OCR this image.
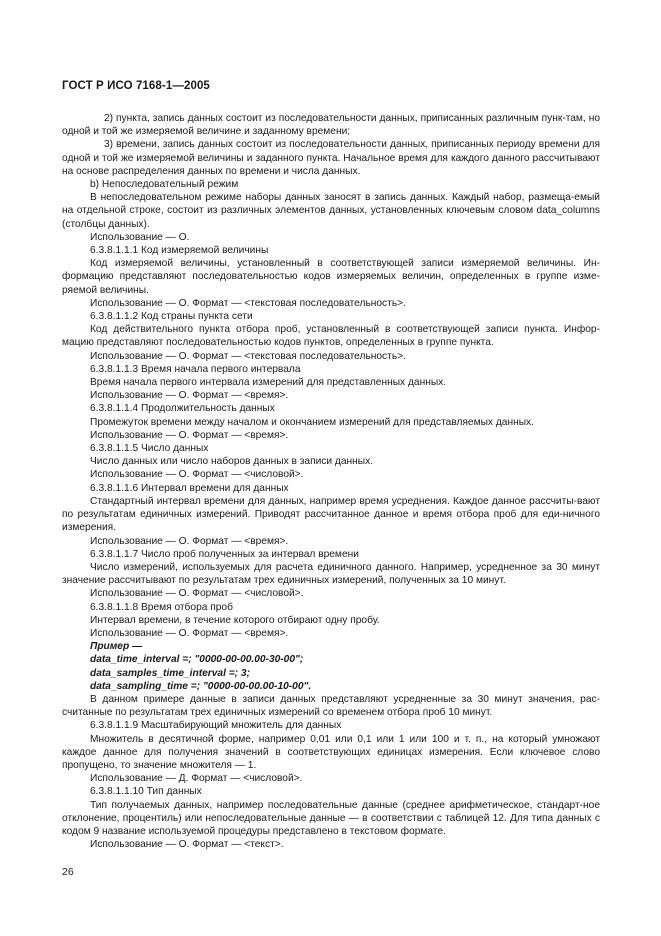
ГОСТ Р ИСО 7168-1—2005

2) пункта, запись данных состоит из последовательности данных, приписанных различным пунк-там, но одной и той же измеряемой величине и заданному времени;

3) времени, запись данных состоит из последовательности данных, приписанных периоду времени для одной и той же измеряемой величины и заданного пункта. Начальное время для каждого данного рассчитывают на основе распределения данных по времени и числа данных.

b) Непоследовательный режим

В непоследовательном режиме наборы данных заносят в запись данных. Каждый набор, размеща-емый на отдельной строке, состоит из различных элементов данных, установленных ключевым словом data_columns (столбцы данных).

Использование — О.

6.3.8.1.1.1 Код измеряемой величины

Код измеряемой величины, установленный в соответствующей записи измеряемой величины. Ин-формацию представляют последовательностью кодов измеряемых величин, определенных в группе изме-ряемой величины.

Использование — О. Формат — <текстовая последовательность>.

6.3.8.1.1.2 Код страны пункта сети

Код действительного пункта отбора проб, установленный в соответствующей записи пункта. Инфор-мацию представляют последовательностью кодов пунктов, определенных в группе пункта.

Использование — О. Формат — <текстовая последовательность>.

6.3.8.1.1.3 Время начала первого интервала

Время начала первого интервала измерений для представленных данных.

Использование — О. Формат — <время>.

6.3.8.1.1.4 Продолжительность данных

Промежуток времени между началом и окончанием измерений для представляемых данных.

Использование — О. Формат — <время>.

6.3.8.1.1.5 Число данных

Число данных или число наборов данных в записи данных.

Использование — О. Формат — <числовой>.

6.3.8.1.1.6 Интервал времени для данных

Стандартный интервал времени для данных, например время усреднения. Каждое данное рассчиты-вают по результатам единичных измерений. Приводят рассчитанное данное и время отбора проб для еди-ничного измерения.

Использование — О. Формат — <время>.

6.3.8.1.1.7 Число проб полученных за интервал времени

Число измерений, используемых для расчета единичного данного. Например, усредненное за 30 минут значение рассчитывают по результатам трех единичных измерений, полученных за 10 минут.

Использование — О. Формат — <числовой>.

6.3.8.1.1.8 Время отбора проб

Интервал времени, в течение которого отбирают одну пробу.

Использование — О. Формат — <время>.

Пример —

data_time_interval =; "0000-00-00.00-30-00";

data_samples_time_interval =; 3;

data_sampling_time =; "0000-00-00.00-10-00".

В данном примере данные в записи данных представляют усредненные за 30 минут значения, рас-считанные по результатам трех единичных измерений со временем отбора проб 10 минут.

6.3.8.1.1.9 Масштабирующий множитель для данных

Множитель в десятичной форме, например 0,01 или 0,1 или 1 или 100 и т. п., на который умножают каждое данное для получения значений в соответствующих единицах измерения. Если ключевое слово пропущено, то значение множителя — 1.

Использование — Д. Формат — <числовой>.

6.3.8.1.1.10 Тип данных

Тип получаемых данных, например последовательные данные (среднее арифметическое, стандарт-ное отклонение, процентиль) или непоследовательные данные — в соответствии с таблицей 12. Для типа данных с кодом 9 название используемой процедуры представлено в текстовом формате.

Использование — О. Формат — <текст>.

26
